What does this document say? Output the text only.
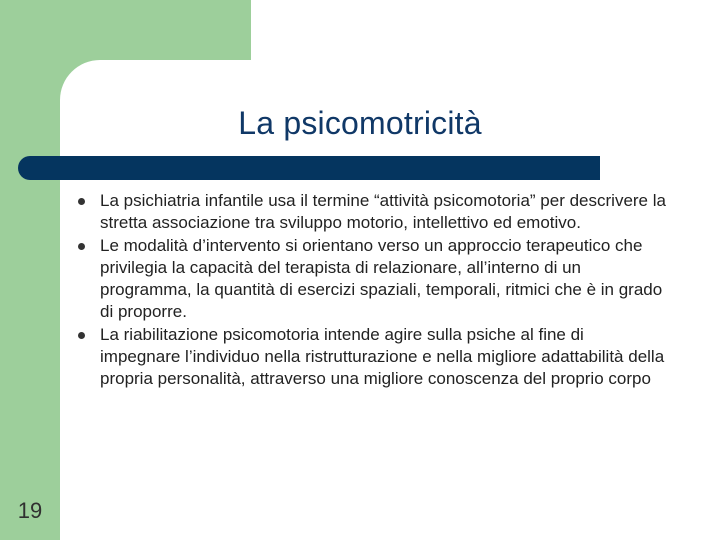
La psicomotricità
La psichiatria infantile usa il termine “attività psicomotoria” per descrivere la stretta associazione tra sviluppo motorio, intellettivo ed emotivo.
Le modalità d’intervento si orientano verso un approccio terapeutico che privilegia la capacità del terapista di relazionare, all’interno di un programma, la quantità di esercizi spaziali, temporali, ritmici che è in grado di proporre.
La riabilitazione psicomotoria intende agire sulla psiche al fine di impegnare l’individuo nella ristrutturazione e nella migliore adattabilità della propria personalità, attraverso una migliore conoscenza del proprio corpo
19
